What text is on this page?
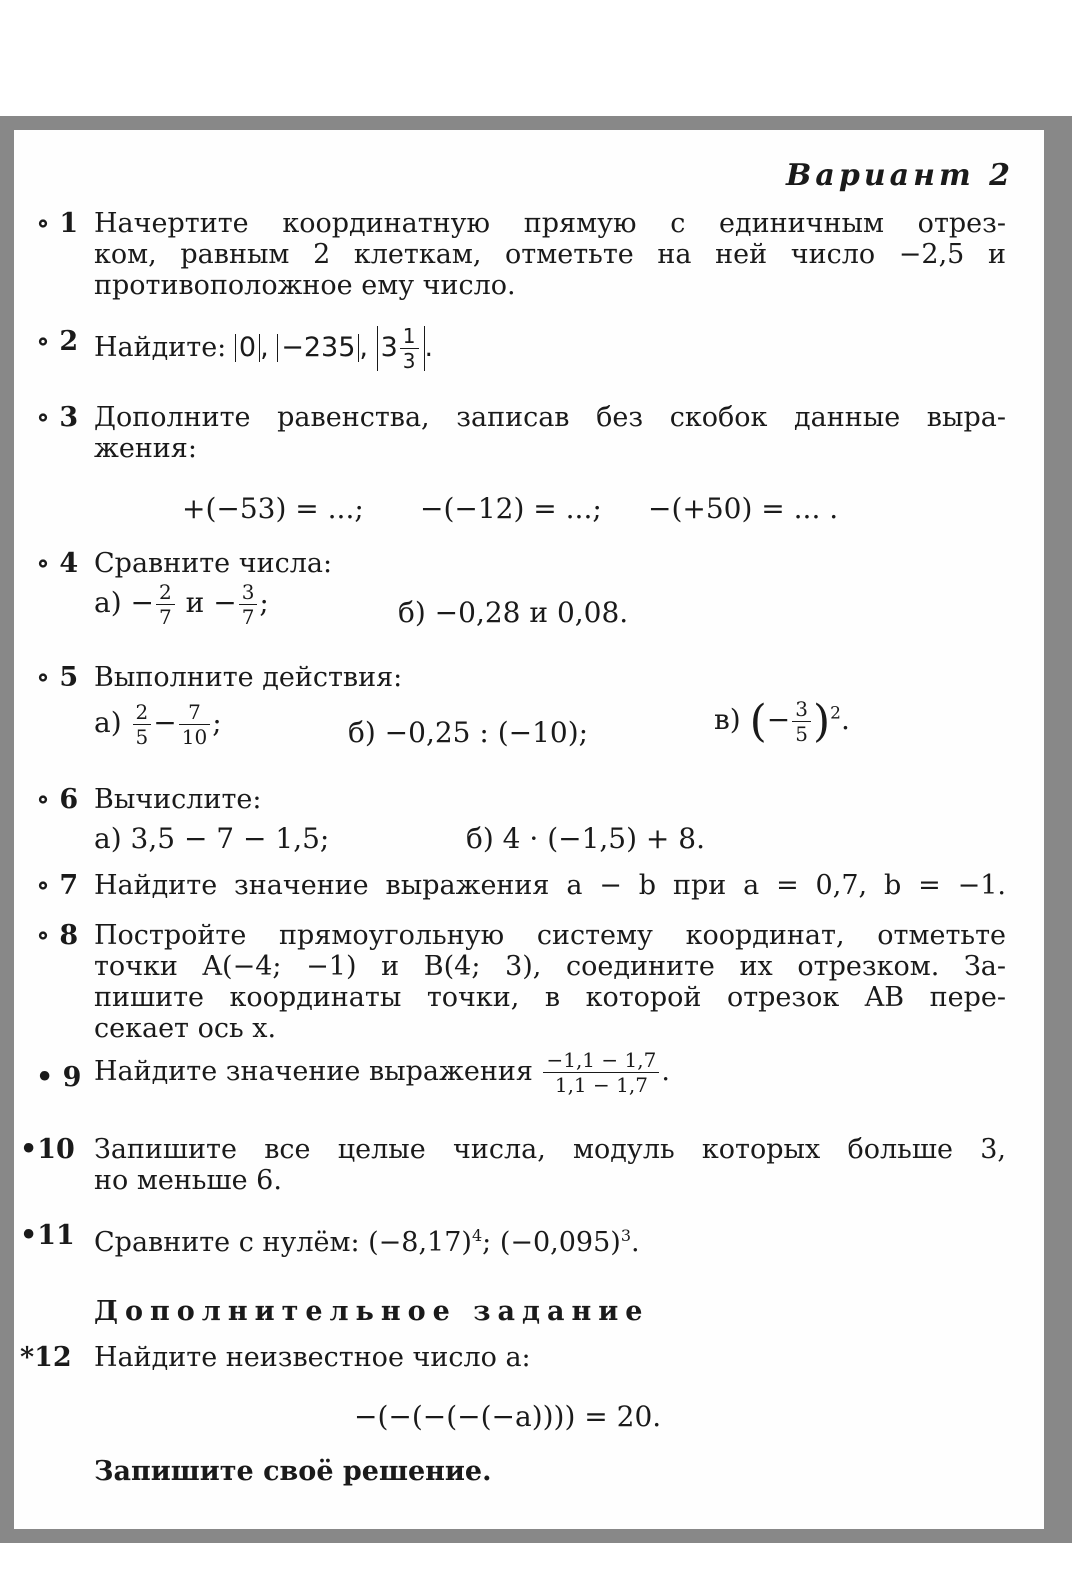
Вариант 2
∘ 1 Начертите координатную прямую с единичным отрез-
ком, равным 2 клеткам, отметьте на ней число −2,5 и
противоположное ему число.
∘ 2 Найдите: 0 , −235 , $3 \frac{1}{3}$ .
∘ 3 Дополните равенства, записав без скобок данные выра-
жения:
+(−53) = ...; −(−12) = ...; −(+50) = ... .
∘ 4 Сравните числа:
$а) - \frac{2}{7}$ $и - \frac{3}{7}$ ;	б) −0,28 и 0,08.
∘ 5 Выполните действия:
$а) \frac{2}{5} - \frac{7}{10}$ ;	б) −0,25 : (−10);	в) (− $\frac{3}{5} )^2$.
∘ 6 Вычислите:
а) 3,5 − 7 − 1,5;	б) 4 · (−1,5) + 8.
∘ 7 Найдите значение выражения a − b при a = 0,7, b = −1.
∘ 8 Постройте прямоугольную систему координат, отметьте
точки A(−4; −1) и B(4; 3), соедините их отрезком. За-
пишите координаты точки, в которой отрезок AB пере-
секает ось x.
• 9 Найдите значение выражения $\frac{-1,1 - 1,7}{1,1 - 1,7}$ .
•10 Запишите все целые числа, модуль которых больше 3,
но меньше 6.
•11 Сравните с нулём: $(-8,17)^4$; $(-0,095)^3$.
Дополнительное задание
*12 Найдите неизвестное число a:
−(−(−(−(−a)))) = 20.
Запишите своё решение.
